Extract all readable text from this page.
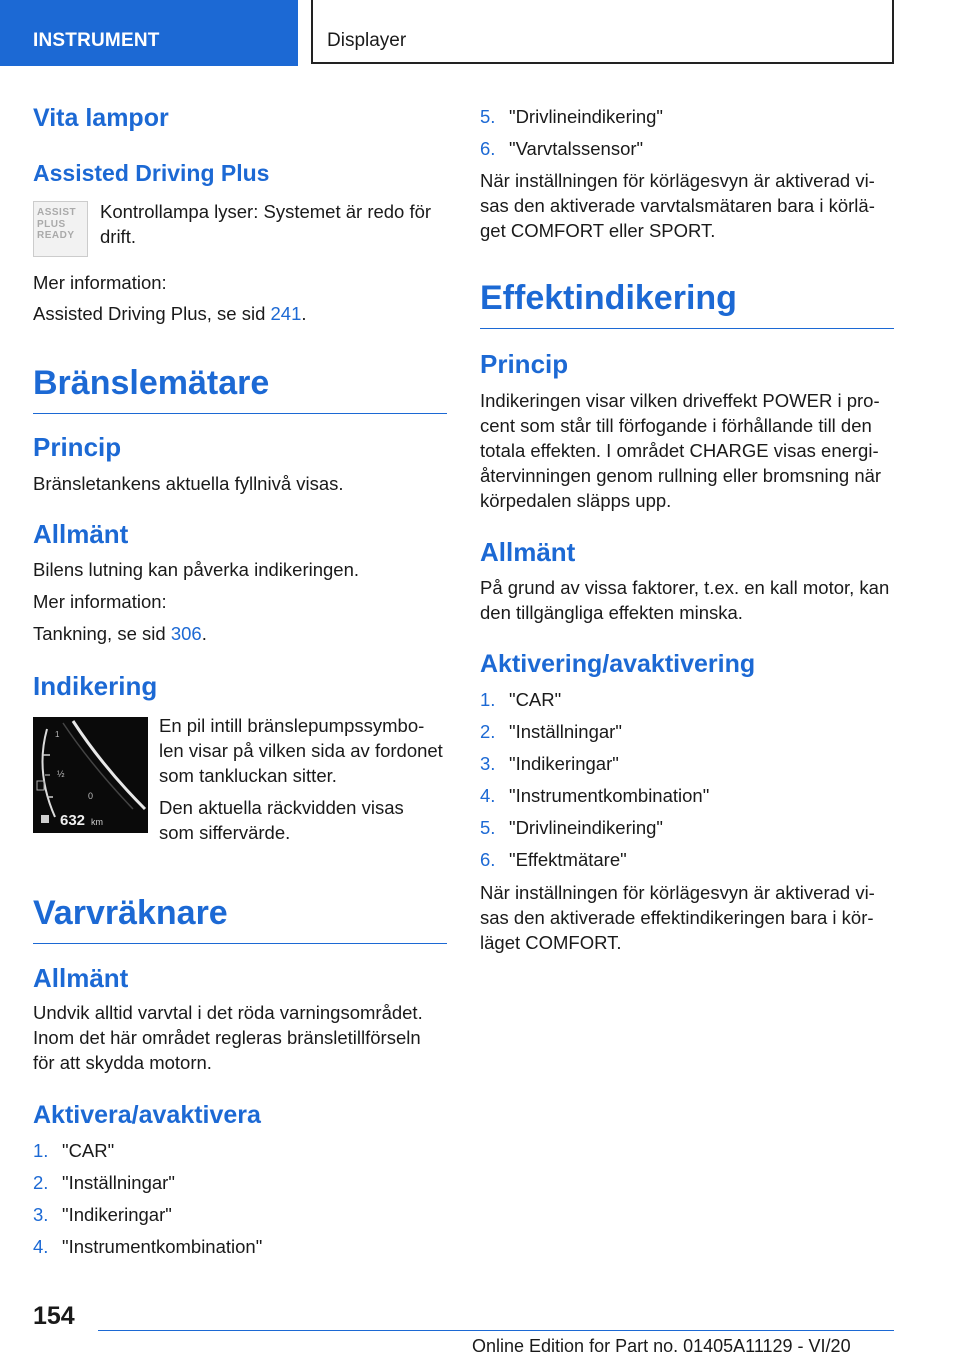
INSTRUMENT	Displayer
Vita lampor
Assisted Driving Plus

Kontrollampa lyser: Systemet är redo för
drift.

Mer information:

Assisted Driving Plus, se sid 241.

Bränslemätare
Princip

Bränsletankens aktuella fyllnivå visas.

Allmänt

Bilens lutning kan påverka indikeringen.

Mer information:

Tankning, se sid 306.

Indikering

En pil intill bränslepumpssymbo-
len visar på vilken sida av fordonet
som tankluckan sitter.

Den aktuella räckvidden visas
som siffervärde.

Varvräknare
Allmänt

Undvik alltid varvtal i det röda varningsområdet.
Inom det här området regleras bränsletillförseln
för att skydda motorn.

Aktivera/avaktivera
1. "CAR"
2. "Inställningar"
3. "Indikeringar"
4. "Instrumentkombination"
ASSIST
PLUS
READY
1
½
0
632 km
5. "Drivlineindikering"
6. "Varvtalssensor"

När inställningen för körlägesvyn är aktiverad vi-
sas den aktiverade varvtalsmätaren bara i körlä-
get COMFORT eller SPORT.

Effektindikering
Princip

Indikeringen visar vilken driveffekt POWER i pro-
cent som står till förfogande i förhållande till den
totala effekten. I området CHARGE visas energi-
återvinningen genom rullning eller bromsning när
körpedalen släpps upp.

Allmänt

På grund av vissa faktorer, t.ex. en kall motor, kan
den tillgängliga effekten minska.

Aktivering/avaktivering
1. "CAR"
2. "Inställningar"
3. "Indikeringar"
4. "Instrumentkombination"
5. "Drivlineindikering"
6. "Effektmätare"

När inställningen för körlägesvyn är aktiverad vi-
sas den aktiverade effektindikeringen bara i kör-
läget COMFORT.

154
Online Edition for Part no. 01405A11129 - VI/20
